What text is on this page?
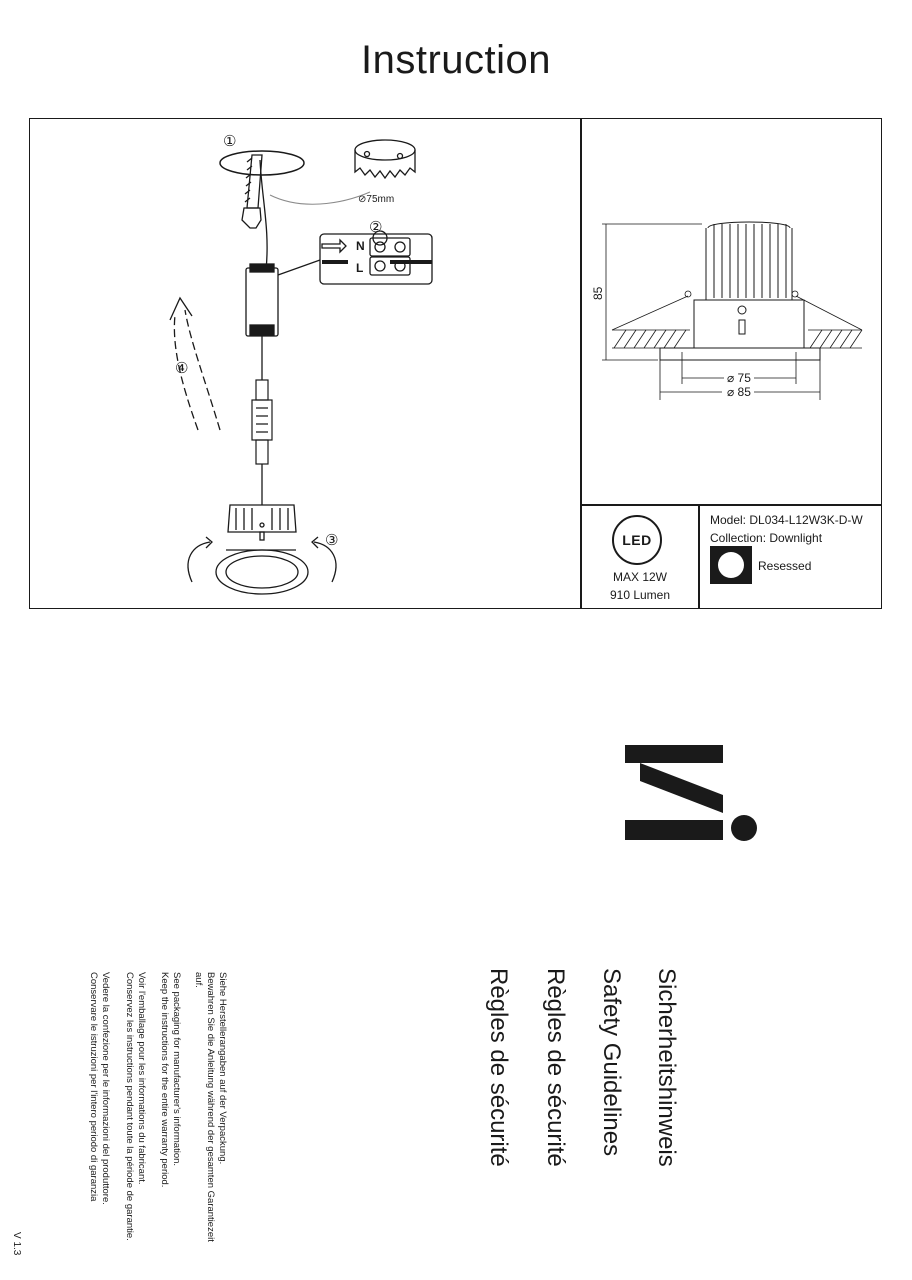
Instruction
①
②
③
④
⊘75mm
N
L
85
⌀ 75
⌀ 85
LED
MAX 12W
910 Lumen
Model: DL034-L12W3K-D-W
Collection: Downlight
Resessed
Sicherheitshinweis
Safety Guidelines
Règles de sécurité
Règles de sécurité
Siehe Herstellerangaben auf der Verpackung.
Bewahren Sie die Anleitung während der gesamten Garantiezeit
auf.
See packaging for manufacturer's information.
Keep the instructions for the entire warranty period.
Voir l'emballage pour les informations du fabricant.
Conservez les instructions pendant toute la période de garantie.
Vedere la confezione per le informazioni del produttore.
Conservare le istruzioni per l'intero periodo di garanzia
V 1.3
